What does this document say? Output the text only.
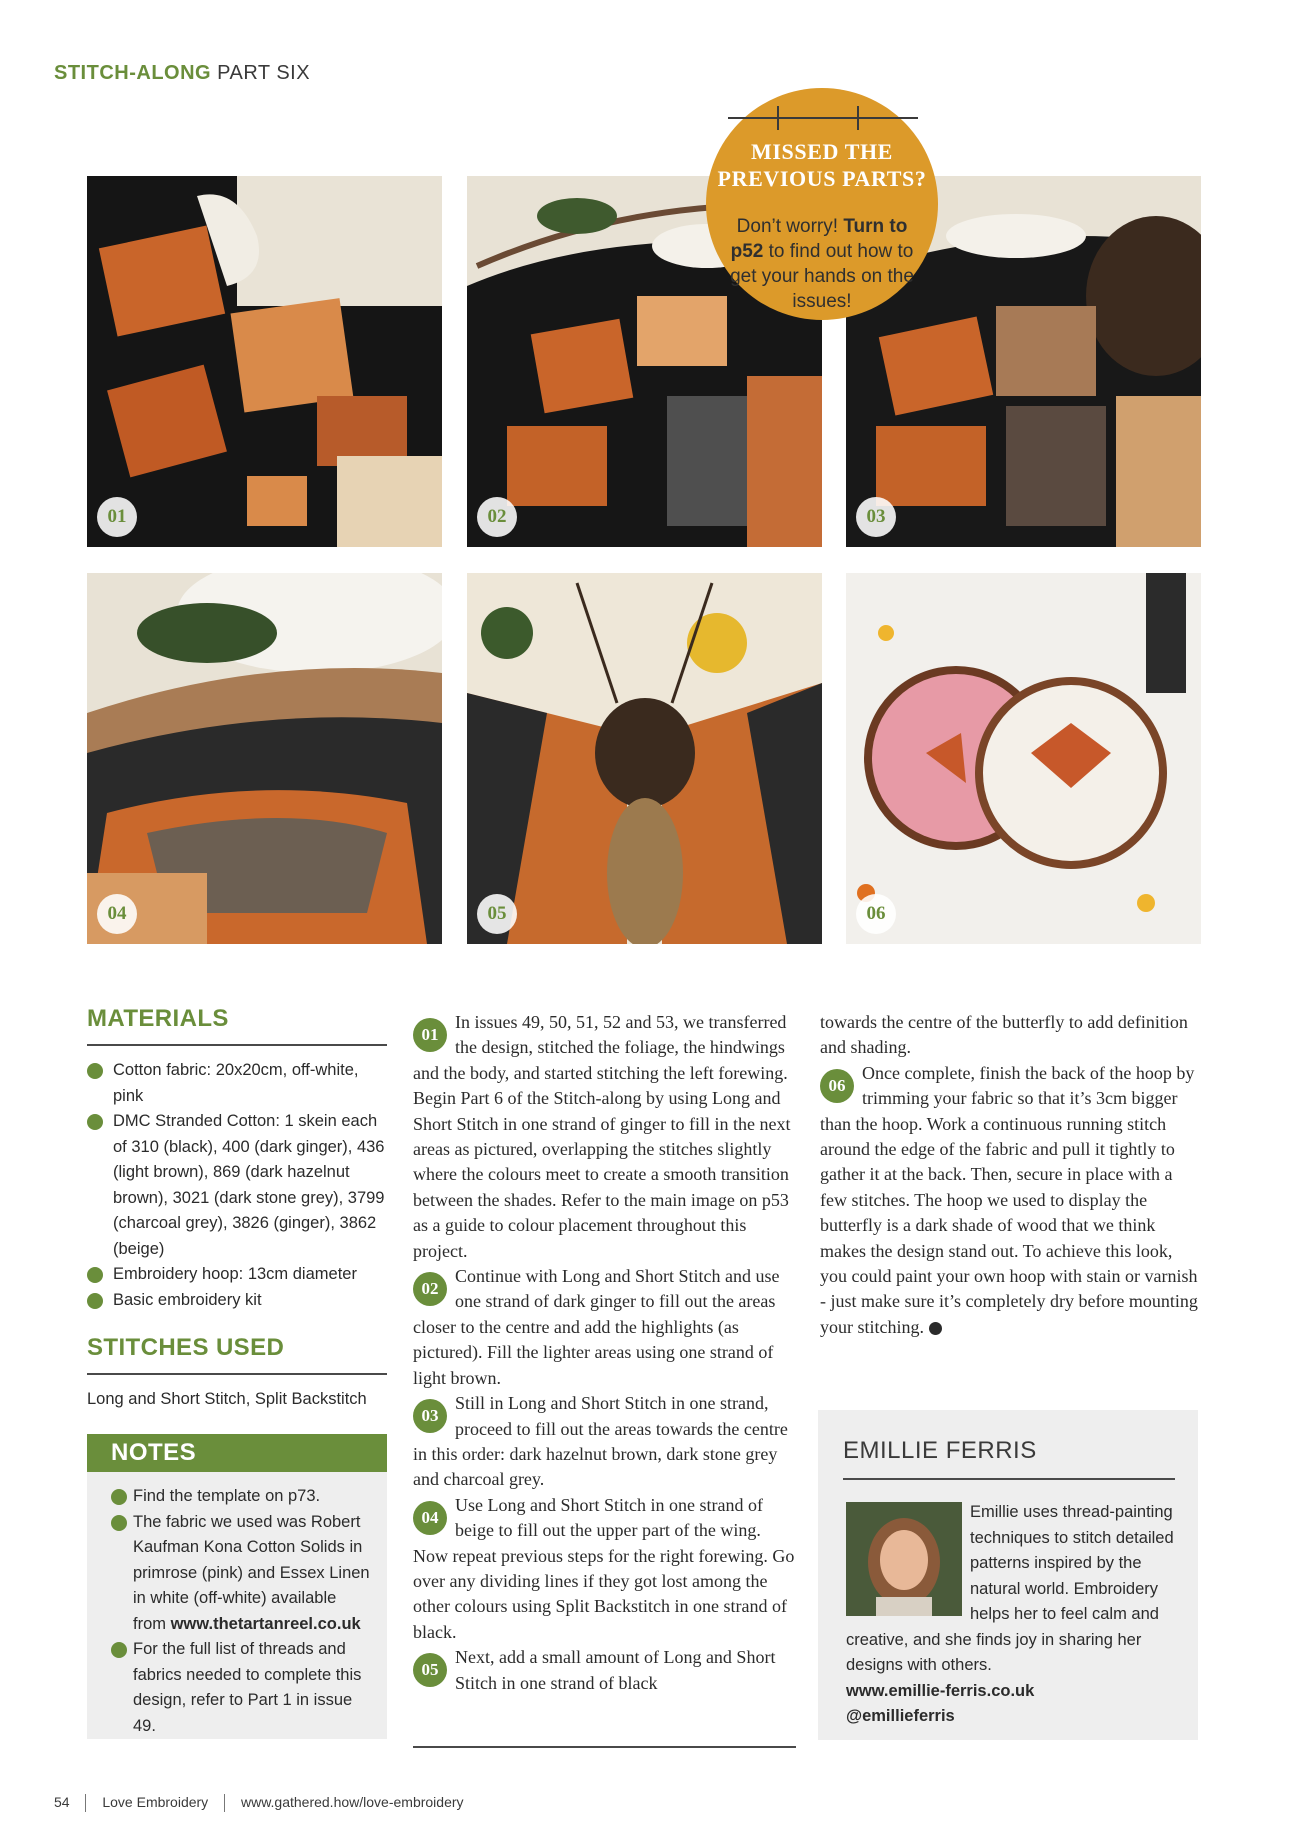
STITCH-ALONG PART SIX
01	02	03
04	05	06
MISSED THE
PREVIOUS PARTS?
Don’t worry! Turn to p52 to find out how to get your hands on the issues!
MATERIALS
Cotton fabric: 20x20cm, off-white, pink
DMC Stranded Cotton: 1 skein each of 310 (black), 400 (dark ginger), 436 (light brown), 869 (dark hazelnut brown), 3021 (dark stone grey), 3799 (charcoal grey), 3826 (ginger), 3862 (beige)
Embroidery hoop: 13cm diameter
Basic embroidery kit
STITCHES USED
Long and Short Stitch, Split Backstitch
NOTES
Find the template on p73.
The fabric we used was Robert Kaufman Kona Cotton Solids in primrose (pink) and Essex Linen in white (off-white) available from www.thetartanreel.co.uk
For the full list of threads and fabrics needed to complete this design, refer to Part 1 in issue 49.

01
In issues 49, 50, 51, 52 and 53, we transferred the design, stitched the foliage, the hindwings and the body, and started stitching the left forewing. Begin Part 6 of the Stitch-along by using Long and Short Stitch in one strand of ginger to fill in the next areas as pictured, overlapping the stitches slightly where the colours meet to create a smooth transition between the shades. Refer to the main image on p53 as a guide to colour placement throughout this project.

02
Continue with Long and Short Stitch and use one strand of dark ginger to fill out the areas closer to the centre and add the highlights (as pictured). Fill the lighter areas using one strand of light brown.

03
Still in Long and Short Stitch in one strand, proceed to fill out the areas towards the centre in this order: dark hazelnut brown, dark stone grey and charcoal grey.

04
Use Long and Short Stitch in one strand of beige to fill out the upper part of the wing. Now repeat previous steps for the right forewing. Go over any dividing lines if they got lost among the other colours using Split Backstitch in one strand of black.

05
Next, add a small amount of Long and Short Stitch in one strand of black

towards the centre of the butterfly to add definition and shading.

06
Once complete, finish the back of the hoop by trimming your fabric so that it’s 3cm bigger than the hoop. Work a continuous running stitch around the edge of the fabric and pull it tightly to gather it at the back. Then, secure in place with a few stitches. The hoop we used to display the butterfly is a dark shade of wood that we think makes the design stand out. To achieve this look, you could paint your own hoop with stain or varnish - just make sure it’s completely dry before mounting your stitching.

EMILLIE FERRIS
Emillie uses thread-painting techniques to stitch detailed patterns inspired by the natural world. Embroidery helps her to feel calm and creative, and she finds joy in sharing her designs with others.
www.emillie-ferris.co.uk
@emillieferris
54 Love Embroidery www.gathered.how/love-embroidery
